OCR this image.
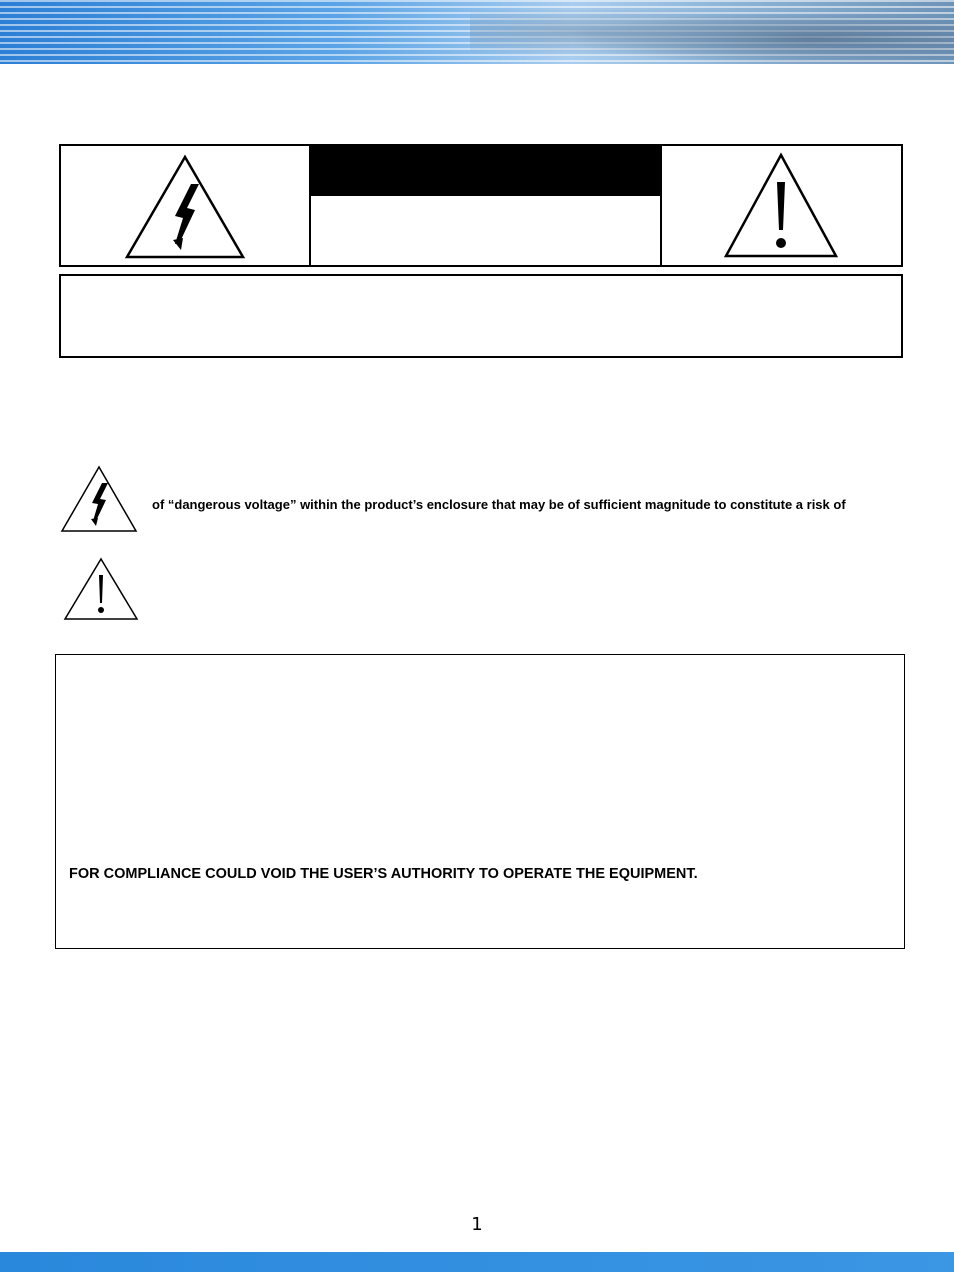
of “dangerous voltage” within the product’s enclosure that may be of sufficient magnitude to constitute a risk of
FOR COMPLIANCE COULD VOID THE USER’S AUTHORITY TO OPERATE THE EQUIPMENT.
1
